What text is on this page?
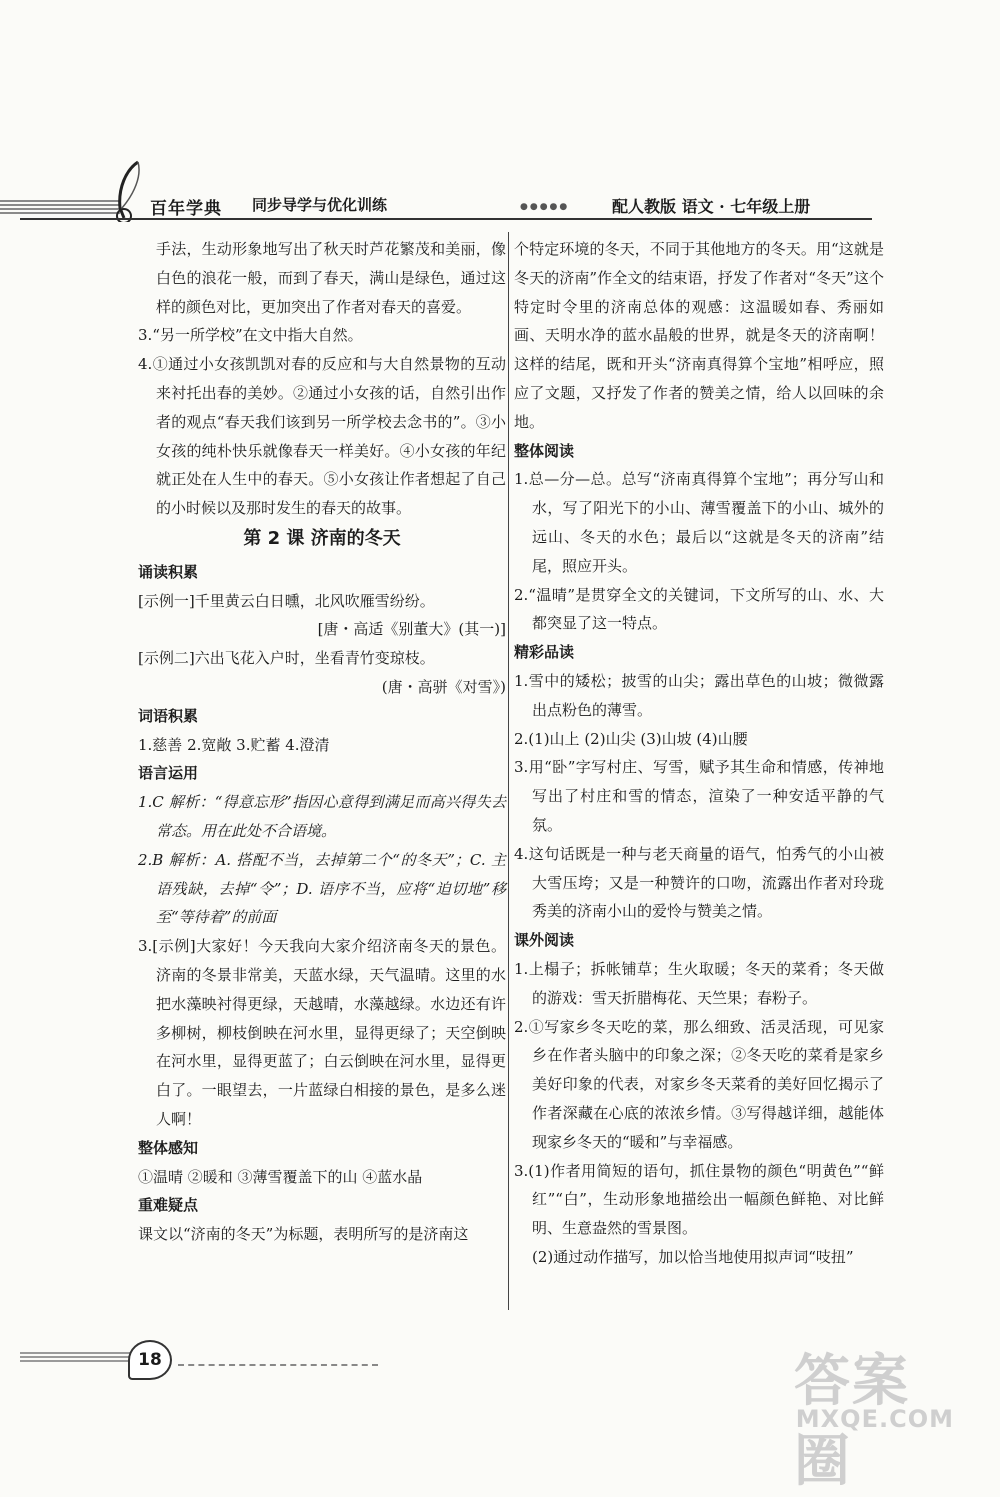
百年学典 同步导学与优化训练	●●●●●	配人教版 语文 · 七年级上册

手法，生动形象地写出了秋天时芦花繁茂和美丽，像白色的浪花一般，而到了春天，满山是绿色，通过这样的颜色对比，更加突出了作者对春天的喜爱。

3.“另一所学校”在文中指大自然。

4.①通过小女孩凯凯对春的反应和与大自然景物的互动来衬托出春的美妙。②通过小女孩的话，自然引出作者的观点“春天我们该到另一所学校去念书的”。③小女孩的纯朴快乐就像春天一样美好。④小女孩的年纪就正处在人生中的春天。⑤小女孩让作者想起了自己的小时候以及那时发生的春天的故事。

第 2 课 济南的冬天

诵读积累

[示例一]千里黄云白日曛，北风吹雁雪纷纷。

[唐・高适《别董大》(其一)]

[示例二]六出飞花入户时，坐看青竹变琼枝。

(唐・高骈《对雪》)

词语积累

1.慈善 2.宽敞 3.贮蓄 4.澄清

语言运用

1.C 解析：“得意忘形”指因心意得到满足而高兴得失去常态。用在此处不合语境。

2.B 解析：A. 搭配不当，去掉第二个“的冬天”；C. 主语残缺，去掉“令”；D. 语序不当，应将“迫切地”移至“等待着”的前面

3.[示例]大家好！今天我向大家介绍济南冬天的景色。济南的冬景非常美，天蓝水绿，天气温晴。这里的水把水藻映衬得更绿，天越晴，水藻越绿。水边还有许多柳树，柳枝倒映在河水里，显得更绿了；天空倒映在河水里，显得更蓝了；白云倒映在河水里，显得更白了。一眼望去，一片蓝绿白相接的景色，是多么迷人啊！

整体感知

①温晴 ②暖和 ③薄雪覆盖下的山 ④蓝水晶

重难疑点

课文以“济南的冬天”为标题，表明所写的是济南这

个特定环境的冬天，不同于其他地方的冬天。用“这就是冬天的济南”作全文的结束语，抒发了作者对“冬天”这个特定时令里的济南总体的观感：这温暖如春、秀丽如画、天明水净的蓝水晶般的世界，就是冬天的济南啊！这样的结尾，既和开头“济南真得算个宝地”相呼应，照应了文题，又抒发了作者的赞美之情，给人以回味的余地。

整体阅读

1.总—分—总。总写“济南真得算个宝地”；再分写山和水，写了阳光下的小山、薄雪覆盖下的小山、城外的远山、冬天的水色；最后以“这就是冬天的济南”结尾，照应开头。

2.“温晴”是贯穿全文的关键词，下文所写的山、水、大都突显了这一特点。

精彩品读

1.雪中的矮松；披雪的山尖；露出草色的山坡；微微露出点粉色的薄雪。

2.(1)山上 (2)山尖 (3)山坡 (4)山腰

3.用“卧”字写村庄、写雪，赋予其生命和情感，传神地写出了村庄和雪的情态，渲染了一种安适平静的气氛。

4.这句话既是一种与老天商量的语气，怕秀气的小山被大雪压垮；又是一种赞许的口吻，流露出作者对玲珑秀美的济南小山的爱怜与赞美之情。

课外阅读

1.上榻子；拆帐铺草；生火取暖；冬天的菜肴；冬天做的游戏：雪天折腊梅花、天竺果；春粉子。

2.①写家乡冬天吃的菜，那么细致、活灵活现，可见家乡在作者头脑中的印象之深；②冬天吃的菜肴是家乡美好印象的代表，对家乡冬天菜肴的美好回忆揭示了作者深藏在心底的浓浓乡情。③写得越详细，越能体现家乡冬天的“暖和”与幸福感。

3.(1)作者用简短的语句，抓住景物的颜色“明黄色”“鲜红”“白”，生动形象地描绘出一幅颜色鲜艳、对比鲜明、生意盎然的雪景图。

(2)通过动作描写，加以恰当地使用拟声词“吱扭”

18	答案圈
MXQE.COM
